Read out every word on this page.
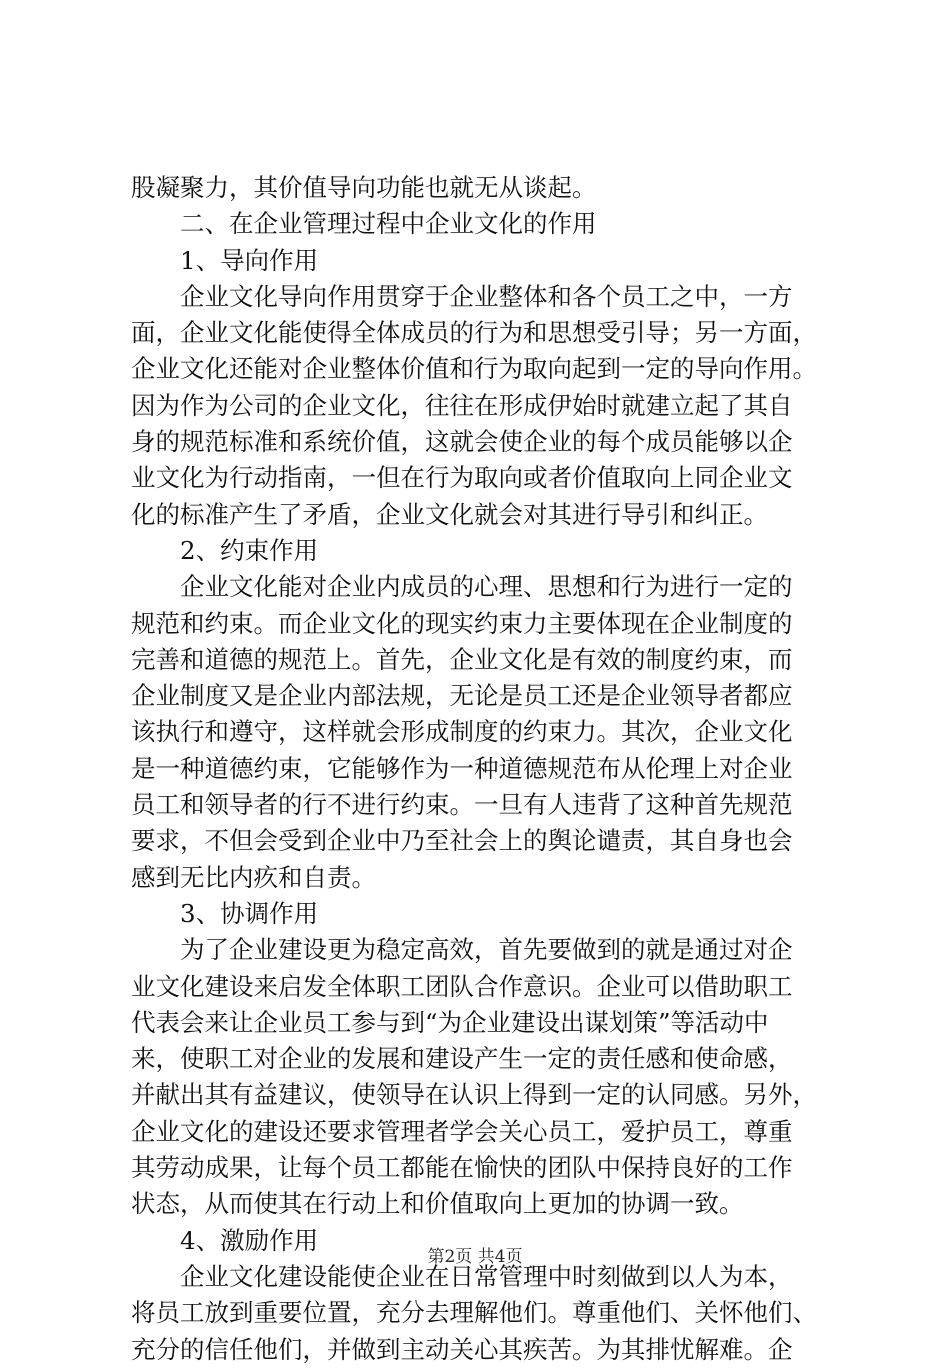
股凝聚力，其价值导向功能也就无从谈起。
二、在企业管理过程中企业文化的作用
1、导向作用
企业文化导向作用贯穿于企业整体和各个员工之中，一方
面，企业文化能使得全体成员的行为和思想受引导；另一方面，
企业文化还能对企业整体价值和行为取向起到一定的导向作用。
因为作为公司的企业文化，往往在形成伊始时就建立起了其自
身的规范标准和系统价值，这就会使企业的每个成员能够以企
业文化为行动指南，一但在行为取向或者价值取向上同企业文
化的标准产生了矛盾，企业文化就会对其进行导引和纠正。
2、约束作用
企业文化能对企业内成员的心理、思想和行为进行一定的
规范和约束。而企业文化的现实约束力主要体现在企业制度的
完善和道德的规范上。首先，企业文化是有效的制度约束，而
企业制度又是企业内部法规，无论是员工还是企业领导者都应
该执行和遵守，这样就会形成制度的约束力。其次，企业文化
是一种道德约束，它能够作为一种道德规范布从伦理上对企业
员工和领导者的行不进行约束。一旦有人违背了这种首先规范
要求，不但会受到企业中乃至社会上的舆论谴责，其自身也会
感到无比内疚和自责。
3、协调作用
为了企业建设更为稳定高效，首先要做到的就是通过对企
业文化建设来启发全体职工团队合作意识。企业可以借助职工
代表会来让企业员工参与到“为企业建设出谋划策”等活动中
来，使职工对企业的发展和建设产生一定的责任感和使命感，
并献出其有益建议，使领导在认识上得到一定的认同感。另外，
企业文化的建设还要求管理者学会关心员工，爱护员工，尊重
其劳动成果，让每个员工都能在愉快的团队中保持良好的工作
状态，从而使其在行动上和价值取向上更加的协调一致。
4、激励作用
企业文化建设能使企业在日常管理中时刻做到以人为本，
将员工放到重要位置，充分去理解他们。尊重他们、关怀他们、
充分的信任他们，并做到主动关心其疾苦。为其排忧解难。企
第2页 共4页
